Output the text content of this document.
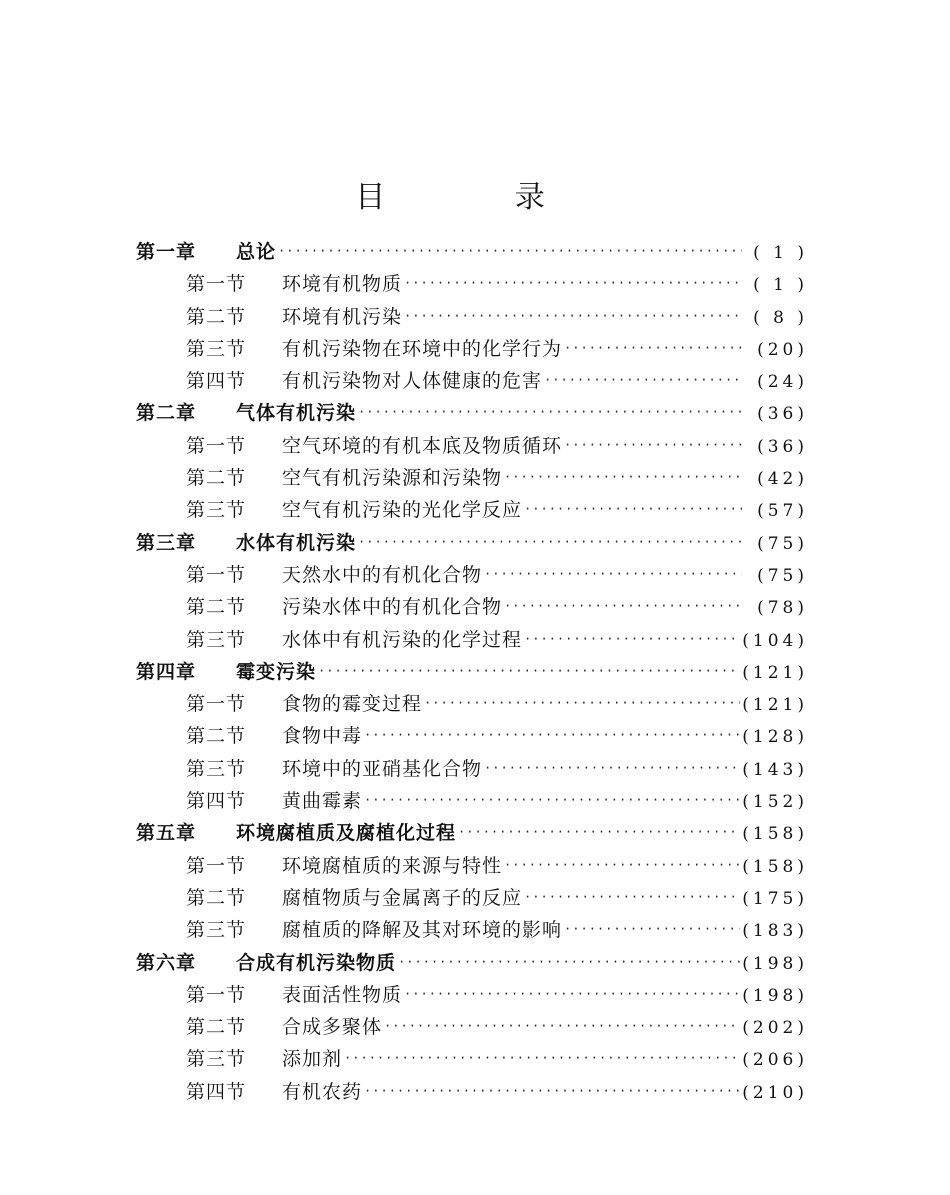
目 录
第一章	总论 ·····	( 1 )
第一节	环境有机物质 ·····	( 1 )
第二节	环境有机污染 ·····	( 8 )
第三节	有机污染物在环境中的化学行为 ·····	(20)
第四节	有机污染物对人体健康的危害 ·····	(24)
第二章	气体有机污染 ·····	(36)
第一节	空气环境的有机本底及物质循环 ·····	(36)
第二节	空气有机污染源和污染物 ·····	(42)
第三节	空气有机污染的光化学反应 ·····	(57)
第三章	水体有机污染 ·····	(75)
第一节	天然水中的有机化合物 ·····	(75)
第二节	污染水体中的有机化合物 ·····	(78)
第三节	水体中有机污染的化学过程 ·····	(104)
第四章	霉变污染 ·····	(121)
第一节	食物的霉变过程 ·····	(121)
第二节	食物中毒 ·····	(128)
第三节	环境中的亚硝基化合物 ·····	(143)
第四节	黄曲霉素 ·····	(152)
第五章	环境腐植质及腐植化过程 ·····	(158)
第一节	环境腐植质的来源与特性 ·····	(158)
第二节	腐植物质与金属离子的反应 ·····	(175)
第三节	腐植质的降解及其对环境的影响 ·····	(183)
第六章	合成有机污染物质 ·····	(198)
第一节	表面活性物质 ·····	(198)
第二节	合成多聚体 ·····	(202)
第三节	添加剂 ·····	(206)
第四节	有机农药 ·····	(210)
